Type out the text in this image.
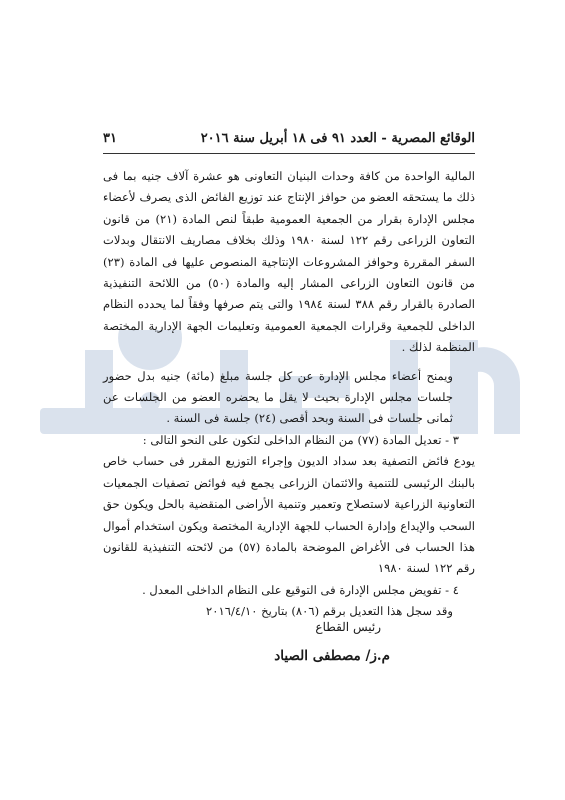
الوقائع المصرية - العدد ٩١ فى ١٨ أبريل سنة ٢٠١٦
٣١

المالية الواحدة من كافة وحدات البنيان التعاونى هو عشرة آلاف جنيه بما فى ذلك ما يستحقه العضو من حوافز الإنتاج عند توزيع الفائض الذى يصرف لأعضاء مجلس الإدارة بقرار من الجمعية العمومية طبقاً لنص المادة (٢١) من قانون التعاون الزراعى رقم ١٢٢ لسنة ١٩٨٠ وذلك بخلاف مصاريف الانتقال وبدلات السفر المقررة وحوافز المشروعات الإنتاجية المنصوص عليها فى المادة (٢٣) من قانون التعاون الزراعى المشار إليه والمادة (٥٠) من اللائحة التنفيذية الصادرة بالقرار رقم ٣٨٨ لسنة ١٩٨٤ والتى يتم صرفها وفقاً لما يحدده النظام الداخلى للجمعية وقرارات الجمعية العمومية وتعليمات الجهة الإدارية المختصة المنظمة لذلك .

ويمنح أعضاء مجلس الإدارة عن كل جلسة مبلغ (مائة) جنيه بدل حضور جلسات مجلس الإدارة بحيث لا يقل ما يحضره العضو من الجلسات عن ثمانى جلسات فى السنة وبحد أقصى (٢٤) جلسة فى السنة .

٣ - تعديل المادة (٧٧) من النظام الداخلى لتكون على النحو التالى :

يودع فائض التصفية بعد سداد الديون وإجراء التوزيع المقرر فى حساب خاص بالبنك الرئيسى للتنمية والائتمان الزراعى يجمع فيه فوائض تصفيات الجمعيات التعاونية الزراعية لاستصلاح وتعمير وتنمية الأراضى المنقضية بالحل ويكون حق السحب والإيداع وإدارة الحساب للجهة الإدارية المختصة ويكون استخدام أموال هذا الحساب فى الأغراض الموضحة بالمادة (٥٧) من لائحته التنفيذية للقانون رقم ١٢٢ لسنة ١٩٨٠

٤ - تفويض مجلس الإدارة فى التوقيع على النظام الداخلى المعدل .

وقد سجل هذا التعديل برقم (٨٠٦) بتاريخ ٢٠١٦/٤/١٠

رئيس القطاع
م.ز/ مصطفى الصياد
